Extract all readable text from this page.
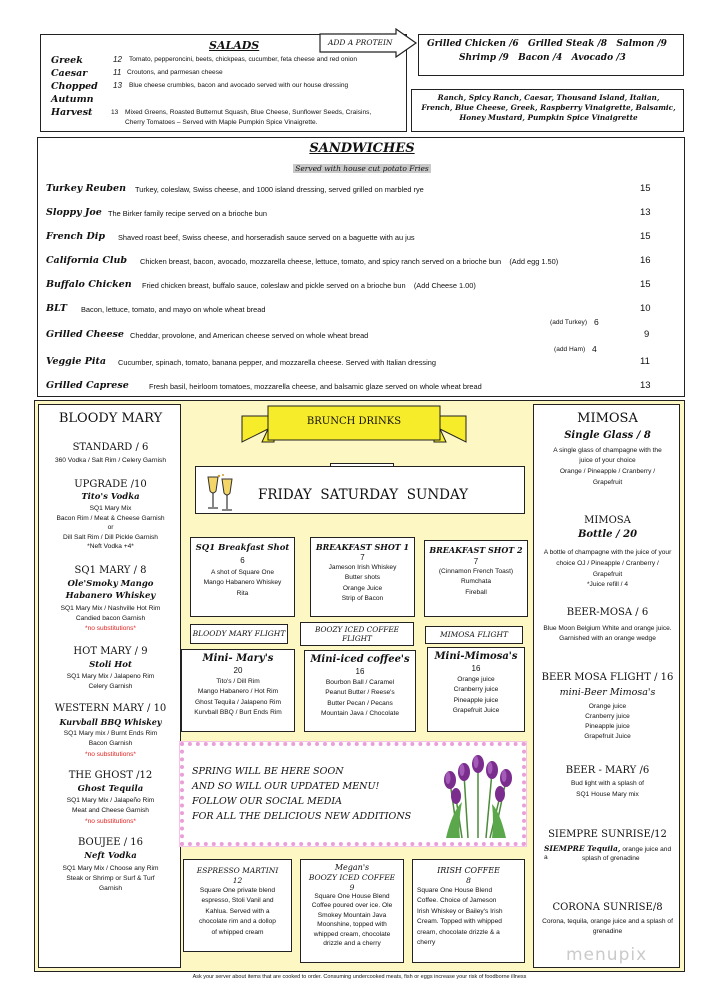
SALADS
Greek	12 Tomato, pepperoncini, beets, chickpeas, cucumber, feta cheese and red onion
Caesar	11 Croutons, and parmesan cheese
Chopped 13 Blue cheese crumbles, bacon and avocado served with our house dressing
Autumn
Harvest	13 Mixed Greens, Roasted Butternut Squash, Blue Cheese, Sunflower Seeds, Craisins,
Cherry Tomatoes – Served with Maple Pumpkin Spice Vinaigrette.
ADD A PROTEIN	Grilled Chicken /6   Grilled Steak /8   Salmon /9
Shrimp /9   Bacon /4   Avocado /3
Ranch, Spicy Ranch, Caesar, Thousand Island, Italian,
French, Blue Cheese, Greek, Raspberry Vinaigrette, Balsamic,
Honey Mustard, Pumpkin Spice Vinaigrette
SANDWICHES
Served with house cut potato Fries
Turkey Reuben Turkey, coleslaw, Swiss cheese, and 1000 island dressing, served grilled on marbled rye	15
Sloppy Joe The Birker family recipe served on a brioche bun	13
French Dip Shaved roast beef, Swiss cheese, and horseradish sauce served on a baguette with au jus	15
California Club Chicken breast, bacon, avocado, mozzarella cheese, lettuce, tomato, and spicy ranch served on a brioche bun    (Add egg 1.50)	16
Buffalo Chicken Fried chicken breast, buffalo sauce, coleslaw and pickle served on a brioche bun    (Add Cheese 1.00)	15
BLT Bacon, lettuce, tomato, and mayo on whole wheat bread	10
(add Turkey) 6
Grilled Cheese Cheddar, provolone, and American cheese served on whole wheat bread	9
(add Ham) 4
Veggie Pita Cucumber, spinach, tomato, banana pepper, and mozzarella cheese. Served with Italian dressing	11
Grilled Caprese	Fresh basil, heirloom tomatoes, mozzarella cheese, and balsamic glaze served on whole wheat bread	13
BLOODY MARY
STANDARD / 6
360 Vodka / Salt Rim / Celery Garnish
UPGRADE /10
Tito's Vodka
SQ1 Mary Mix
Bacon Rim / Meat & Cheese Garnish
or
Dill Salt Rim / Dill Pickle Garnish
*Neft Vodka +4*
SQ1 MARY / 8
Ole'Smoky Mango
Habanero Whiskey
SQ1 Mary Mix / Nashville Hot Rim
Candied bacon Garnish
*no substitutions*
HOT MARY / 9
Stoli Hot
SQ1 Mary Mix / Jalapeno Rim
Celery Garnish
WESTERN MARY / 10
Kurvball BBQ Whiskey
SQ1 Mary mix / Burnt Ends Rim
Bacon Garnish
*no substitutions*
THE GHOST /12
Ghost Tequila
SQ1 Mary Mix / Jalapeño Rim
Meat and Cheese Garnish
*no substitutions*
BOUJEE / 16
Neft Vodka
SQ1 Mary Mix / Choose any Rim
Steak or Shrimp or Surf & Turf
Garnish
MIMOSA
Single Glass / 8
A single glass of champagne with the
juice of your choice
Orange / Pineapple / Cranberry /
Grapefruit
MIMOSA
Bottle / 20
A bottle of champagne with the juice of your
choice OJ / Pineapple / Cranberry /
Grapefruit
*Juice refill / 4
BEER-MOSA / 6
Blue Moon Belgium White and orange juice.
Garnished with an orange wedge
BEER MOSA FLIGHT / 16
mini-Beer Mimosa's
Orange juice
Cranberry juice
Pineapple juice
Grapefruit Juice
BEER - MARY /6
Bud light with a splash of
SQ1 House Mary mix
SIEMPRE SUNRISE/12
SIEMPRE Tequila, orange juice and a	splash of grenadine
CORONA SUNRISE/8
Corona, tequila, orange juice and a splash of
grenadine
BRUNCH DRINKS
FRIDAY  SATURDAY  SUNDAY
SQ1 Breakfast Shot
6
A shot of Square One
Mango Habanero Whiskey
Rita
BREAKFAST SHOT 1
7
Jameson Irish Whiskey
Butter shots
Orange Juice
Strip of Bacon
BREAKFAST SHOT 2
7
(Cinnamon French Toast)
Rumchata
Fireball
BLOODY MARY FLIGHT	BOOZY ICED COFFEE FLIGHT	MIMOSA FLIGHT
Mini- Mary's
20
Tito's / Dill Rim
Mango Habanero / Hot Rim
Ghost Tequila / Jalapeno Rim
Kurvball BBQ / Burt Ends Rim
Mini-iced coffee's
16
Bourbon Ball / Caramel
Peanut Butter / Reese's
Butter Pecan / Pecans
Mountain Java / Chocolate
Mini-Mimosa's
16
Orange juice
Cranberry juice
Pineapple juice
Grapefruit Juice
SPRING WILL BE HERE SOON
AND SO WILL OUR UPDATED MENU!
FOLLOW OUR SOCIAL MEDIA
FOR ALL THE DELICIOUS NEW ADDITIONS
ESPRESSO MARTINI
12
Square One private blend
espresso, Stoli Vanil and
Kahlua. Served with a
chocolate rim and a dollop
of whipped cream
Megan's
BOOZY ICED COFFEE
9
Square One House Blend
Coffee poured over ice. Ole
Smokey Mountain Java
Moonshine, topped with
whipped cream, chocolate
drizzle and a cherry
IRISH COFFEE
8
Square One House Blend
Coffee. Choice of Jameson
Irish Whiskey or Bailey's Irish
Cream. Topped with whipped
cream, chocolate drizzle & a
cherry
Ask your server about items that are cooked to order. Consuming undercooked meats, fish or eggs increase your risk of foodborne illness
menupix
